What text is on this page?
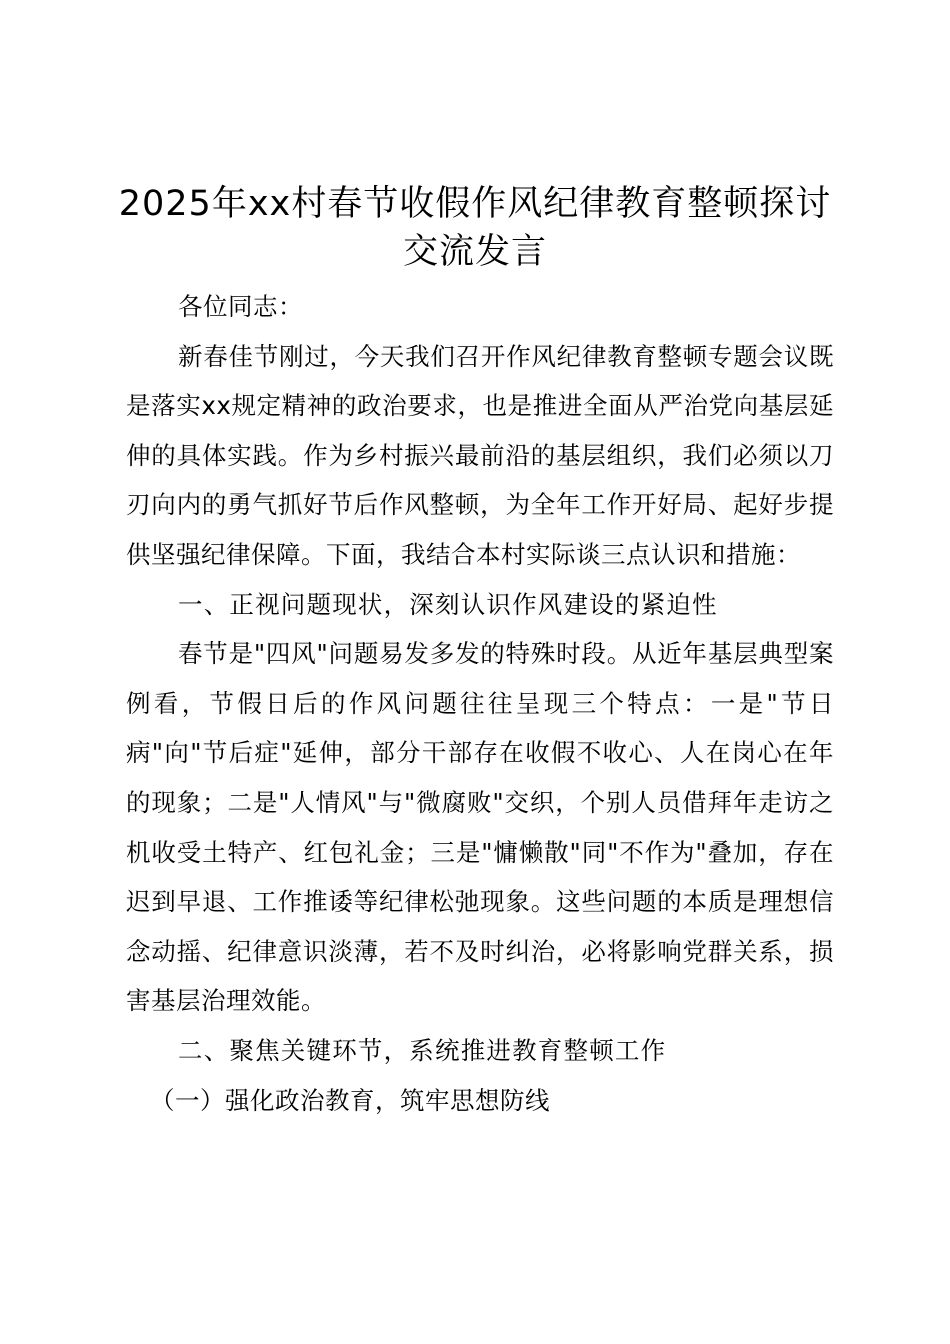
2025年xx村春节收假作风纪律教育整顿探讨交流发言

各位同志：

新春佳节刚过，今天我们召开作风纪律教育整顿专题会议既是落实xx规定精神的政治要求，也是推进全面从严治党向基层延伸的具体实践。作为乡村振兴最前沿的基层组织，我们必须以刀刃向内的勇气抓好节后作风整顿，为全年工作开好局、起好步提供坚强纪律保障。下面，我结合本村实际谈三点认识和措施：

一、正视问题现状，深刻认识作风建设的紧迫性

春节是"四风"问题易发多发的特殊时段。从近年基层典型案例看，节假日后的作风问题往往呈现三个特点：一是"节日病"向"节后症"延伸，部分干部存在收假不收心、人在岗心在年的现象；二是"人情风"与"微腐败"交织，个别人员借拜年走访之机收受土特产、红包礼金；三是"慵懒散"同"不作为"叠加，存在迟到早退、工作推诿等纪律松弛现象。这些问题的本质是理想信念动摇、纪律意识淡薄，若不及时纠治，必将影响党群关系，损害基层治理效能。

二、聚焦关键环节，系统推进教育整顿工作

（一）强化政治教育，筑牢思想防线
